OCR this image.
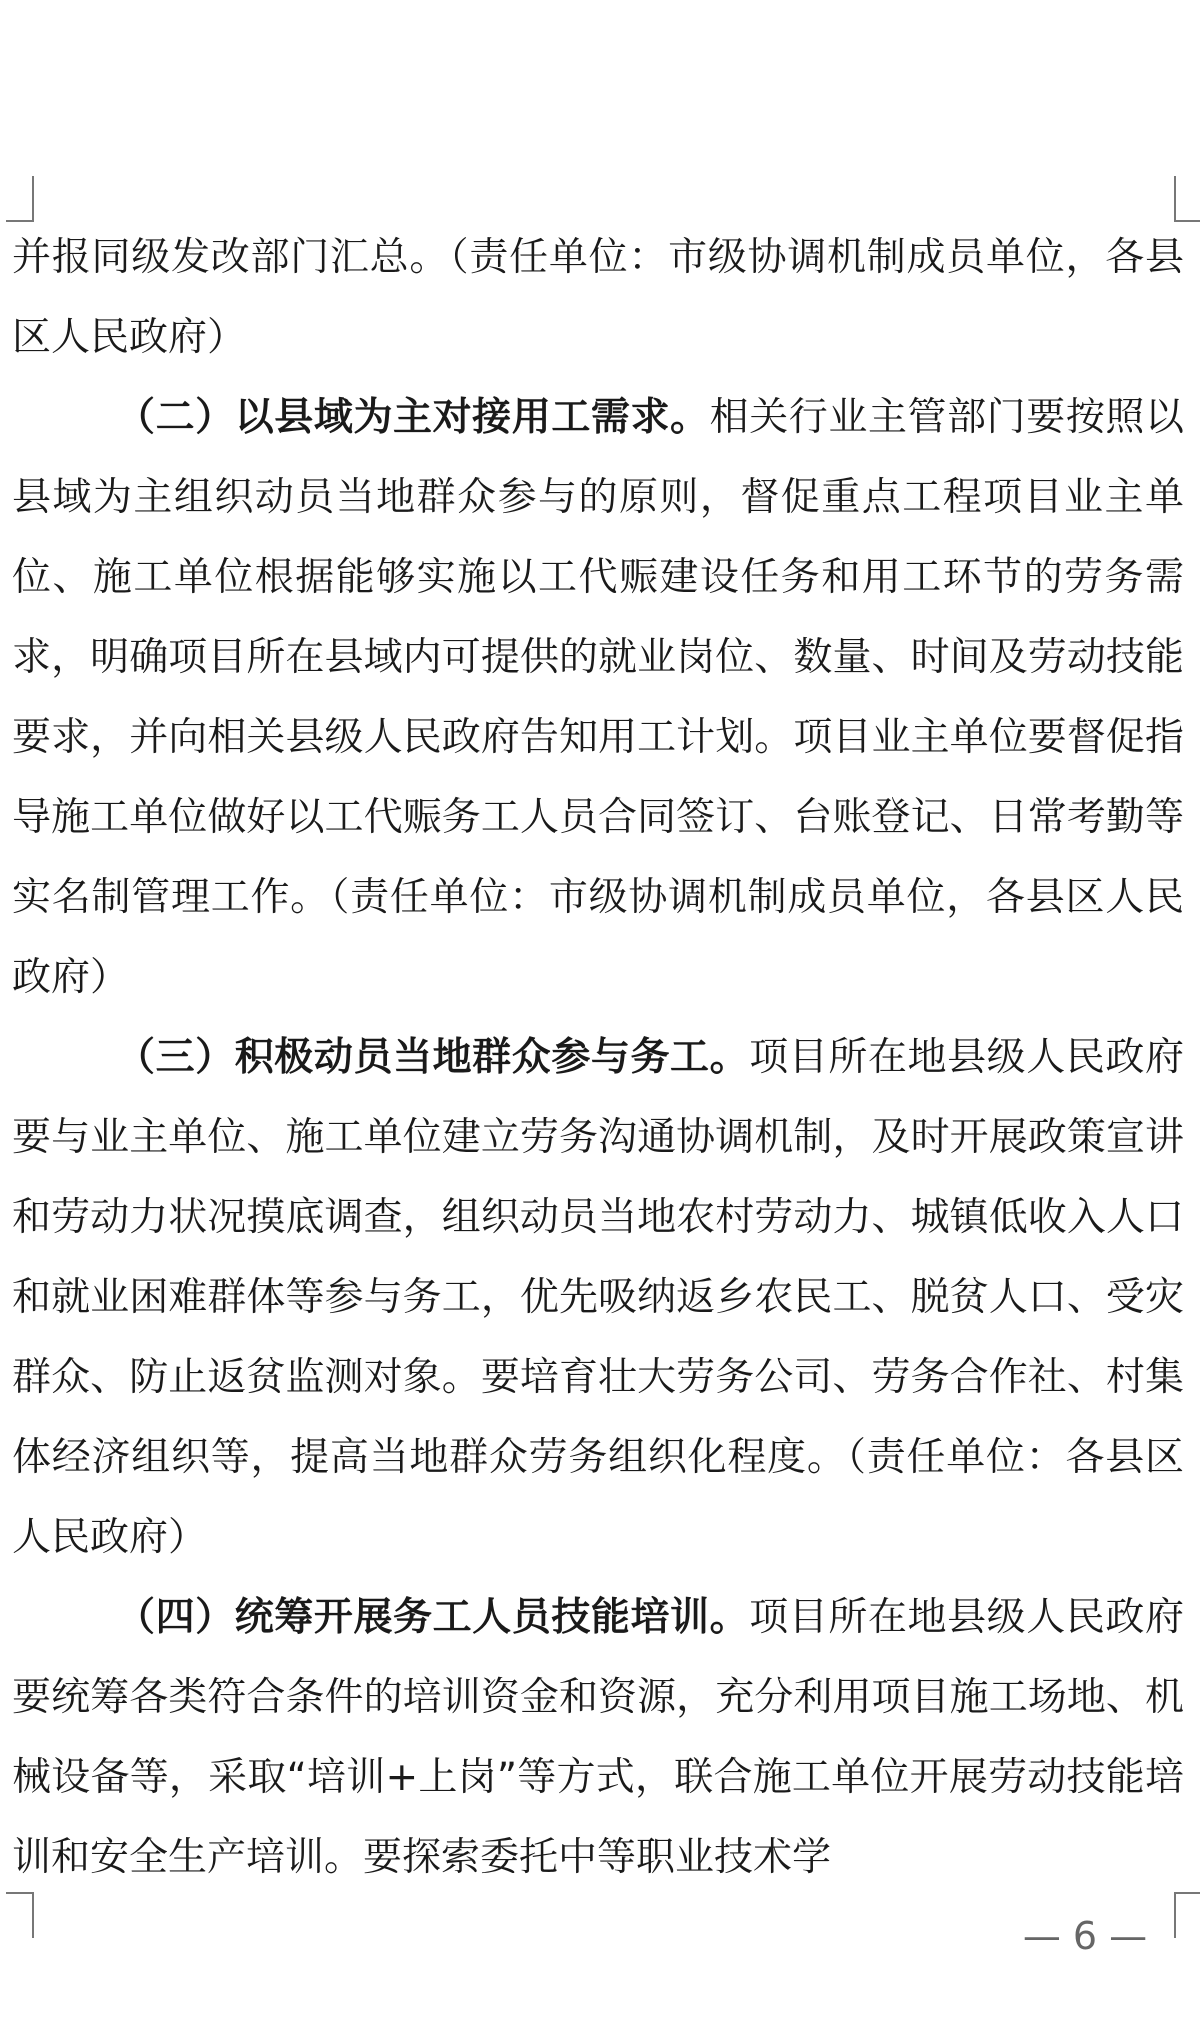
并报同级发改部门汇总。（责任单位：市级协调机制成员单位，各县区人民政府）

（二）以县域为主对接用工需求。相关行业主管部门要按照以县域为主组织动员当地群众参与的原则，督促重点工程项目业主单位、施工单位根据能够实施以工代赈建设任务和用工环节的劳务需求，明确项目所在县域内可提供的就业岗位、数量、时间及劳动技能要求，并向相关县级人民政府告知用工计划。项目业主单位要督促指导施工单位做好以工代赈务工人员合同签订、台账登记、日常考勤等实名制管理工作。（责任单位：市级协调机制成员单位，各县区人民政府）

（三）积极动员当地群众参与务工。项目所在地县级人民政府要与业主单位、施工单位建立劳务沟通协调机制，及时开展政策宣讲和劳动力状况摸底调查，组织动员当地农村劳动力、城镇低收入人口和就业困难群体等参与务工，优先吸纳返乡农民工、脱贫人口、受灾群众、防止返贫监测对象。要培育壮大劳务公司、劳务合作社、村集体经济组织等，提高当地群众劳务组织化程度。（责任单位：各县区人民政府）

（四）统筹开展务工人员技能培训。项目所在地县级人民政府要统筹各类符合条件的培训资金和资源，充分利用项目施工场地、机械设备等，采取“培训+上岗”等方式，联合施工单位开展劳动技能培训和安全生产培训。要探索委托中等职业技术学

— 6 —
